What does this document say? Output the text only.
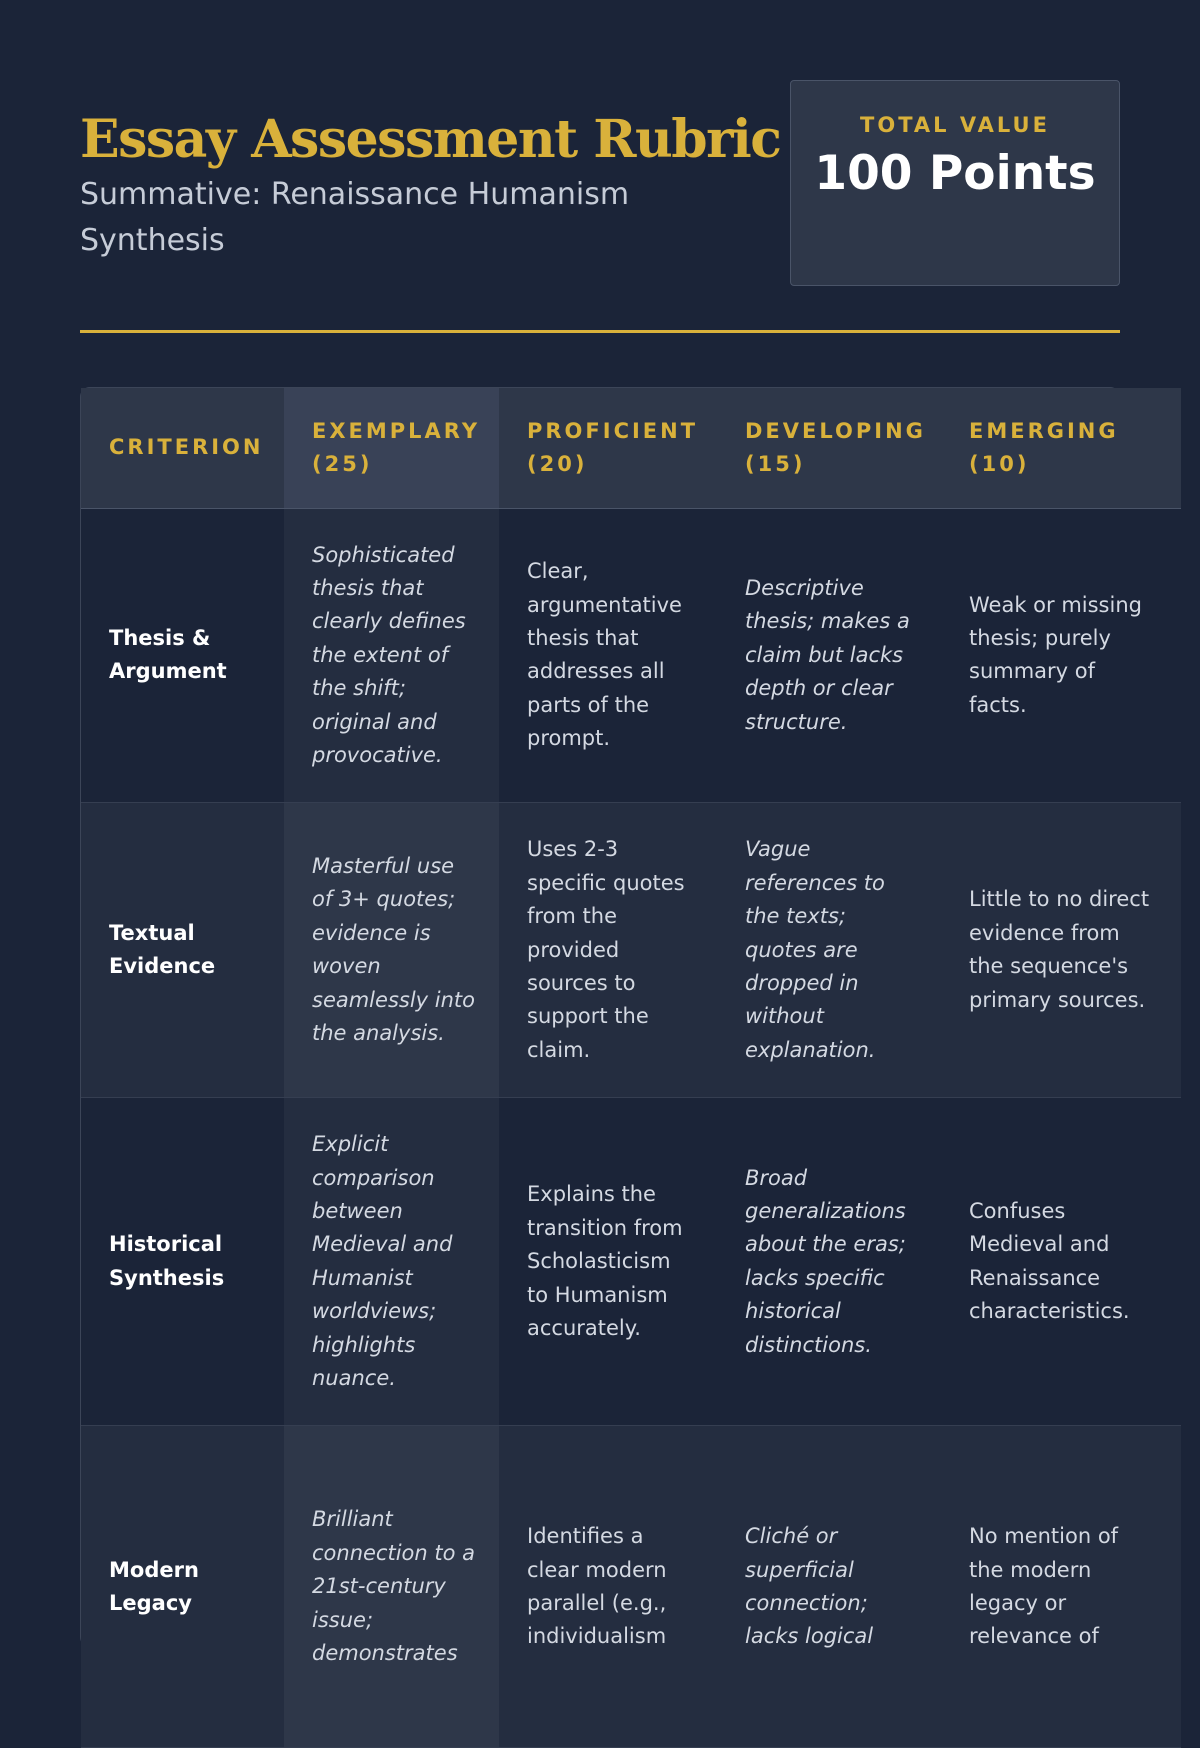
Essay Assessment Rubric

Summative: Renaissance Humanism Synthesis

TOTAL VALUE
100 Points
CRITERION	EXEMPLARY (25)	PROFICIENT (20)	DEVELOPING (15)	EMERGING (10)
Thesis & Argument	Sophisticated thesis that clearly defines the extent of the shift; original and provocative.	Clear, argumentative thesis that addresses all parts of the prompt.	Descriptive thesis; makes a claim but lacks depth or clear structure.	Weak or missing thesis; purely summary of facts.
Textual Evidence	Masterful use of 3+ quotes; evidence is woven seamlessly into the analysis.	Uses 2-3 specific quotes from the provided sources to support the claim.	Vague references to the texts; quotes are dropped in without explanation.	Little to no direct evidence from the sequence's primary sources.
Historical Synthesis	Explicit comparison between Medieval and Humanist worldviews; highlights nuance.	Explains the transition from Scholasticism to Humanism accurately.	Broad generalizations about the eras; lacks specific historical distinctions.	Confuses Medieval and Renaissance characteristics.
Modern Legacy	Brilliant connection to a 21st-century issue; demonstrates	Identifies a clear modern parallel (e.g., individualism	Cliché or superficial connection; lacks logical	No mention of the modern legacy or relevance of
